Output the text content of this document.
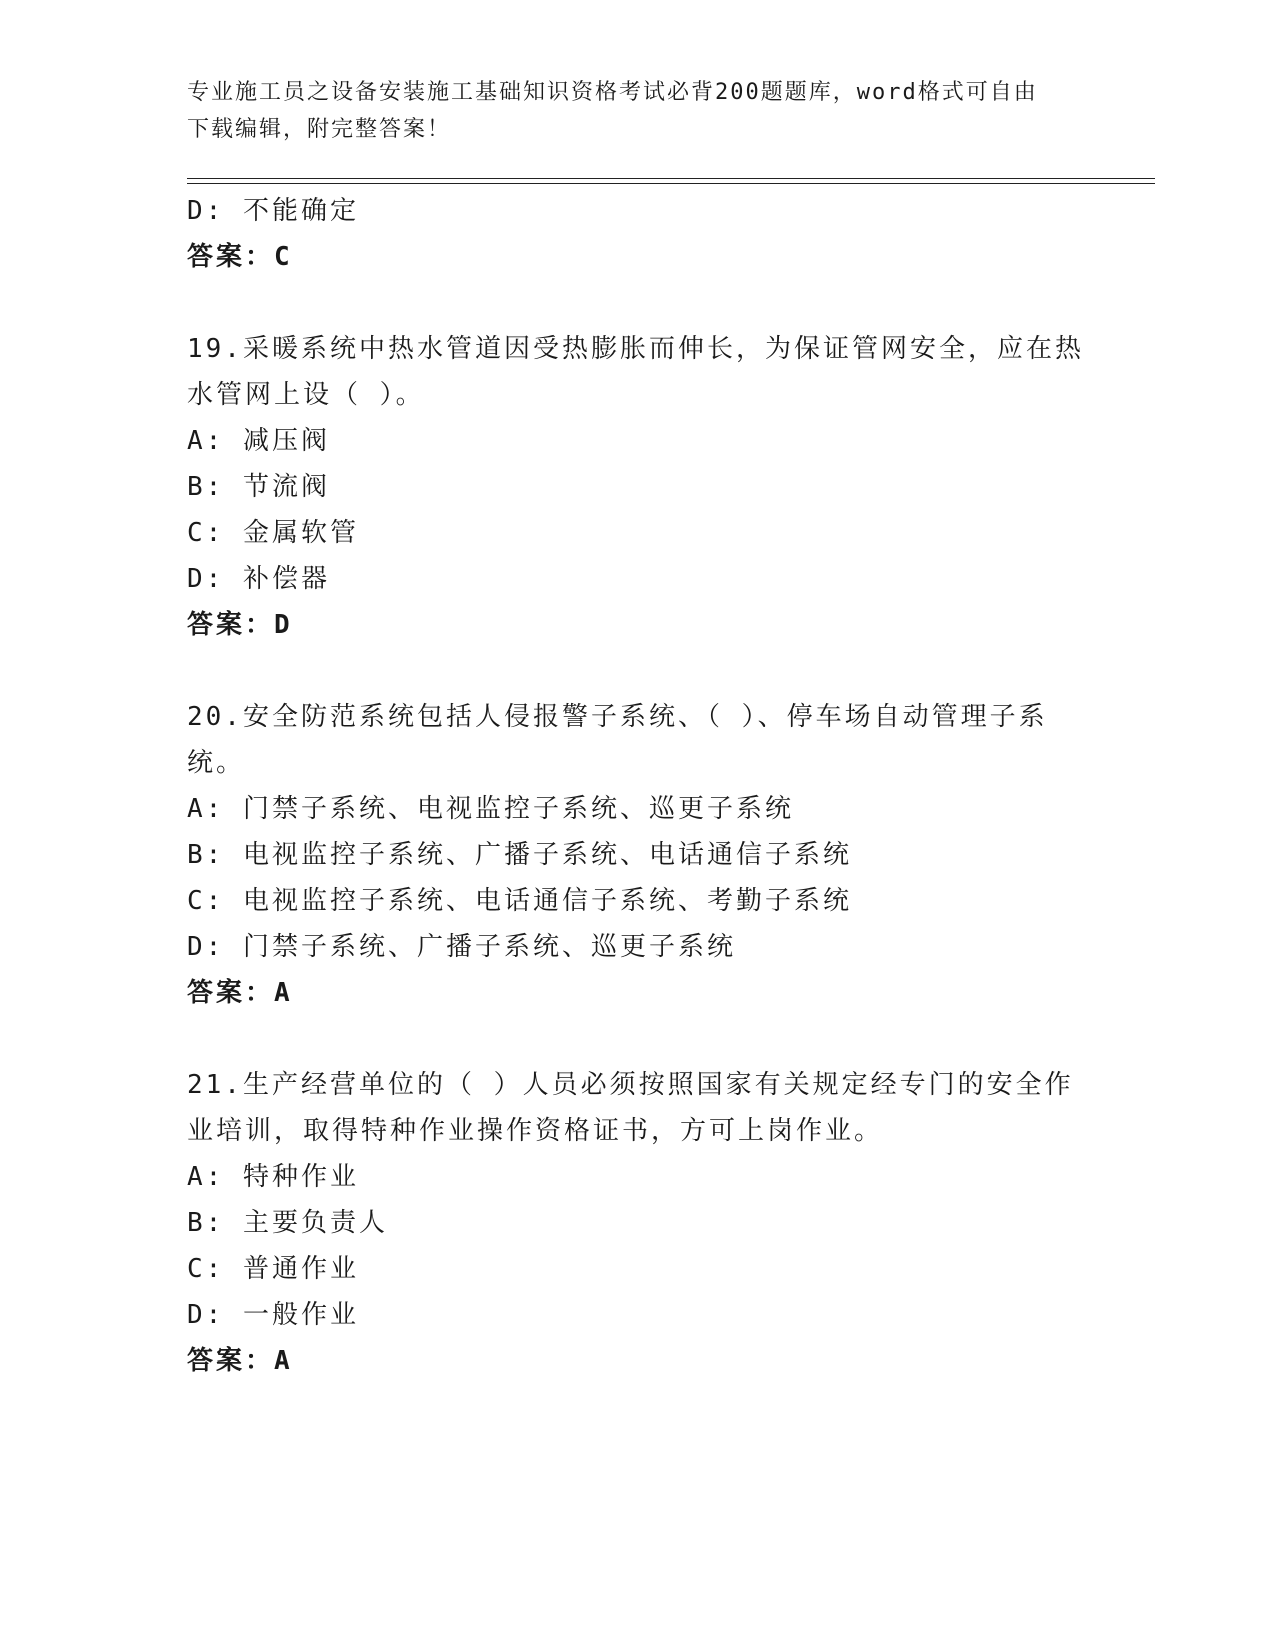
专业施工员之设备安装施工基础知识资格考试必背200题题库，word格式可自由
下载编辑，附完整答案！
D: 不能确定
答案：C
19.采暖系统中热水管道因受热膨胀而伸长，为保证管网安全，应在热
水管网上设（ ）。
A: 减压阀
B: 节流阀
C: 金属软管
D: 补偿器
答案：D
20.安全防范系统包括人侵报警子系统、（ ）、停车场自动管理子系
统。
A: 门禁子系统、电视监控子系统、巡更子系统
B: 电视监控子系统、广播子系统、电话通信子系统
C: 电视监控子系统、电话通信子系统、考勤子系统
D: 门禁子系统、广播子系统、巡更子系统
答案：A
21.生产经营单位的（ ）人员必须按照国家有关规定经专门的安全作
业培训，取得特种作业操作资格证书，方可上岗作业。
A: 特种作业
B: 主要负责人
C: 普通作业
D: 一般作业
答案：A
